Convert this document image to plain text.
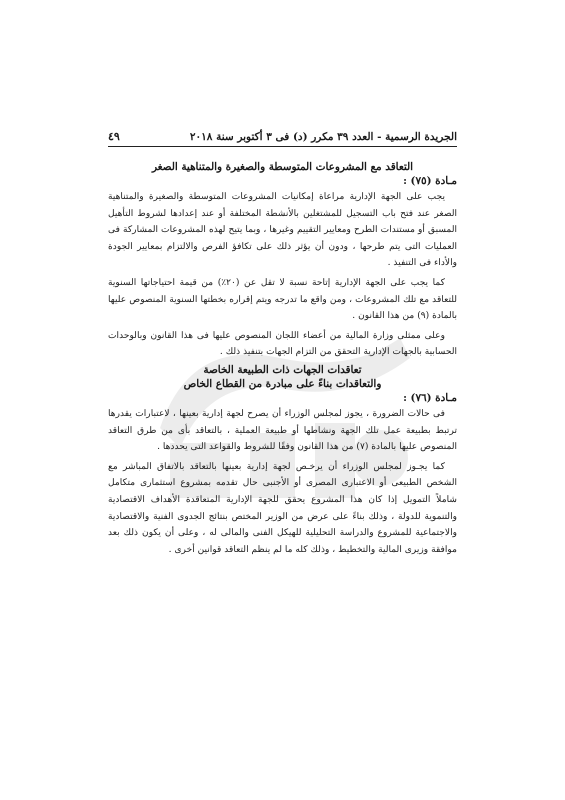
الجريدة الرسمية - العدد ٣٩ مكرر (د) فى ٣ أكتوبر سنة ٢٠١٨
٤٩
التعاقد مع المشروعات المتوسطة والصغيرة والمتناهية الصغر
مـادة (٧٥) :

يجب على الجهة الإدارية مراعاة إمكانيات المشروعات المتوسطة والصغيرة والمتناهية الصغر عند فتح باب التسجيل للمشتغلين بالأنشطة المختلفة أو عند إعدادها لشروط التأهيل المسبق أو مستندات الطرح ومعايير التقييم وغيرها ، وبما يتيح لهذه المشروعات المشاركة فى العمليات التى يتم طرحها ، ودون أن يؤثر ذلك على تكافؤ الفرص والالتزام بمعايير الجودة والأداء فى التنفيذ .

كما يجب على الجهة الإدارية إتاحة نسبة لا تقل عن (٢٠٪) من قيمة احتياجاتها السنوية للتعاقد مع تلك المشروعات ، ومن واقع ما تدرجه ويتم إقراره بخطتها السنوية المنصوص عليها بالمادة (٩) من هذا القانون .

وعلى ممثلى وزارة المالية من أعضاء اللجان المنصوص عليها فى هذا القانون وبالوحدات الحسابية بالجهات الإدارية التحقق من التزام الجهات بتنفيذ ذلك .

تعاقدات الجهات ذات الطبيعة الخاصة
والتعاقدات بناءً على مبادرة من القطاع الخاص
مـادة (٧٦) :

فى حالات الضرورة ، يجوز لمجلس الوزراء أن يصرح لجهة إدارية بعينها ، لاعتبارات يقدرها ترتبط بطبيعة عمل تلك الجهة ونشاطها أو طبيعة العملية ، بالتعاقد بأى من طرق التعاقد المنصوص عليها بالمادة (٧) من هذا القانون وفقًا للشروط والقواعد التى يحددها .

كما يجـوز لمجلس الوزراء أن يرخـص لجهة إدارية بعينها بالتعاقد بالاتفاق المباشر مع الشخص الطبيعى أو الاعتبارى المصرى أو الأجنبى حال تقدمه بمشروع استثمارى متكامل شاملاً التمويل إذا كان هذا المشروع يحقق للجهة الإدارية المتعاقدة الأهداف الاقتصادية والتنموية للدولة ، وذلك بناءً على عرض من الوزير المختص بنتائج الجدوى الفنية والاقتصادية والاجتماعية للمشروع والدراسة التحليلية للهيكل الفنى والمالى له ، وعلى أن يكون ذلك بعد موافقة وزيرى المالية والتخطيط ، وذلك كله ما لم ينظم التعاقد قوانين أخرى .
